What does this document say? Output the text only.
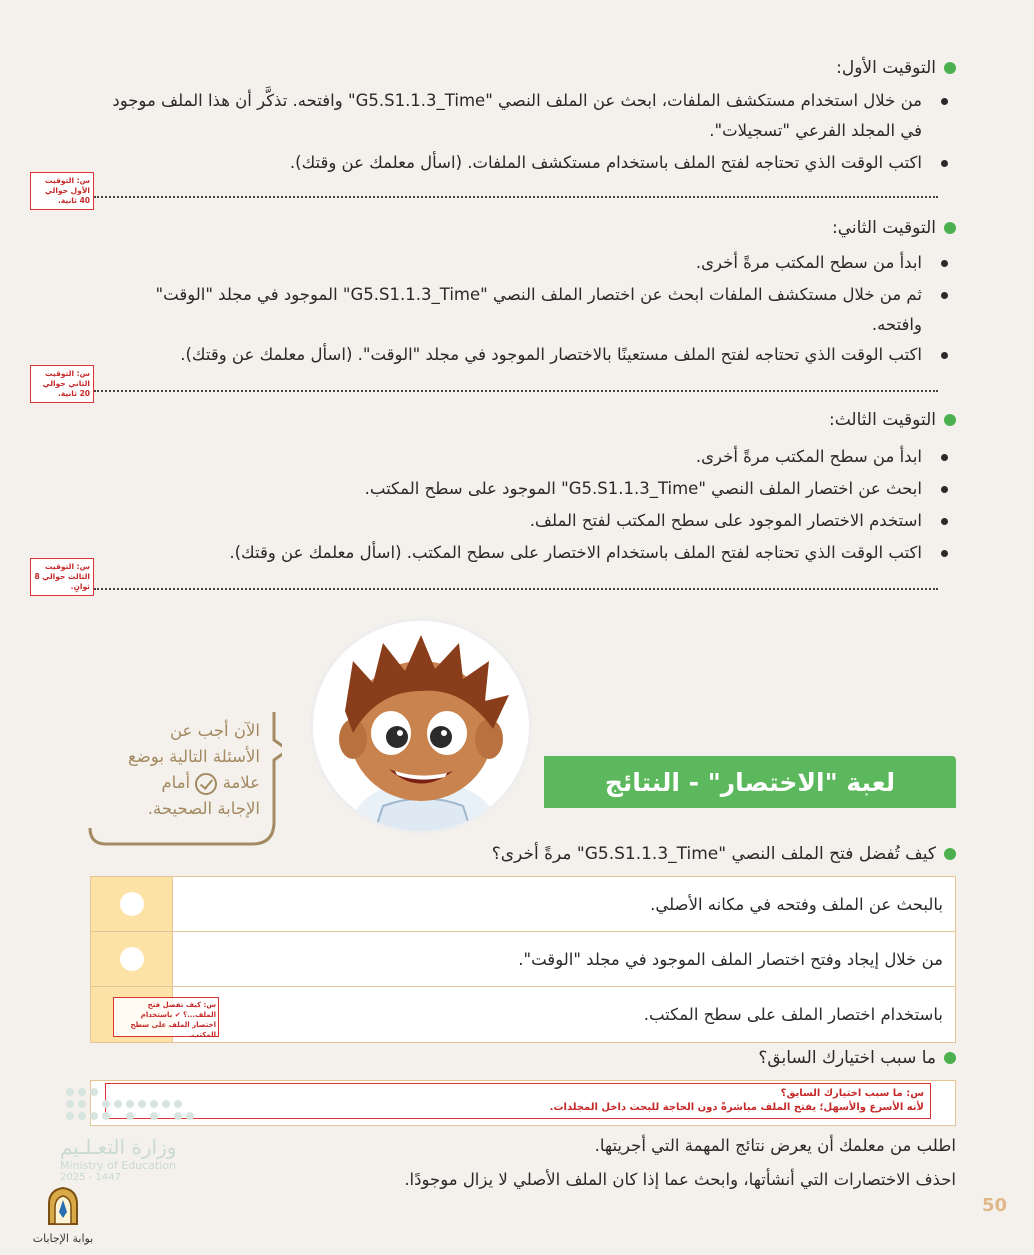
التوقيت الأول:
من خلال استخدام مستكشف الملفات، ابحث عن الملف النصي "G5.S1.1.3_Time" وافتحه. تذكَّر أن هذا الملف موجود في المجلد الفرعي "تسجيلات".
اكتب الوقت الذي تحتاجه لفتح الملف باستخدام مستكشف الملفات. (اسأل معلمك عن وقتك).
س: التوقيت الأول حوالي 40 ثانية.
التوقيت الثاني:
ابدأ من سطح المكتب مرةً أخرى.
ثم من خلال مستكشف الملفات ابحث عن اختصار الملف النصي "G5.S1.1.3_Time" الموجود في مجلد "الوقت" وافتحه.
اكتب الوقت الذي تحتاجه لفتح الملف مستعينًا بالاختصار الموجود في مجلد "الوقت". (اسأل معلمك عن وقتك).
س: التوقيت الثاني حوالي 20 ثانية.
التوقيت الثالث:
ابدأ من سطح المكتب مرةً أخرى.
ابحث عن اختصار الملف النصي "G5.S1.1.3_Time" الموجود على سطح المكتب.
استخدم الاختصار الموجود على سطح المكتب لفتح الملف.
اكتب الوقت الذي تحتاجه لفتح الملف باستخدام الاختصار على سطح المكتب. (اسأل معلمك عن وقتك).
س: التوقيت الثالث حوالي 8 ثوانٍ.
الآن أجب عن
الأسئلة التالية بوضع
علامة  أمام
الإجابة الصحيحة.
لعبة "الاختصار" - النتائج
كيف تُفضل فتح الملف النصي "G5.S1.1.3_Time" مرةً أخرى؟
بالبحث عن الملف وفتحه في مكانه الأصلي.
من خلال إيجاد وفتح اختصار الملف الموجود في مجلد "الوقت".
باستخدام اختصار الملف على سطح المكتب.
س: كيف تفضل فتح الملف...؟ ✔ باستخدام اختصار الملف على سطح المكتب.
ما سبب اختيارك السابق؟
س: ما سبب اختيارك السابق؟
لأنه الأسرع والأسهل؛ يفتح الملف مباشرةً دون الحاجة للبحث داخل المجلدات.
اطلب من معلمك أن يعرض نتائج المهمة التي أجريتها.
احذف الاختصارات التي أنشأتها، وابحث عما إذا كان الملف الأصلي لا يزال موجودًا.
وزارة التعـلـيم
Ministry of Education
2025 - 1447
50
بوابة الإجابات
